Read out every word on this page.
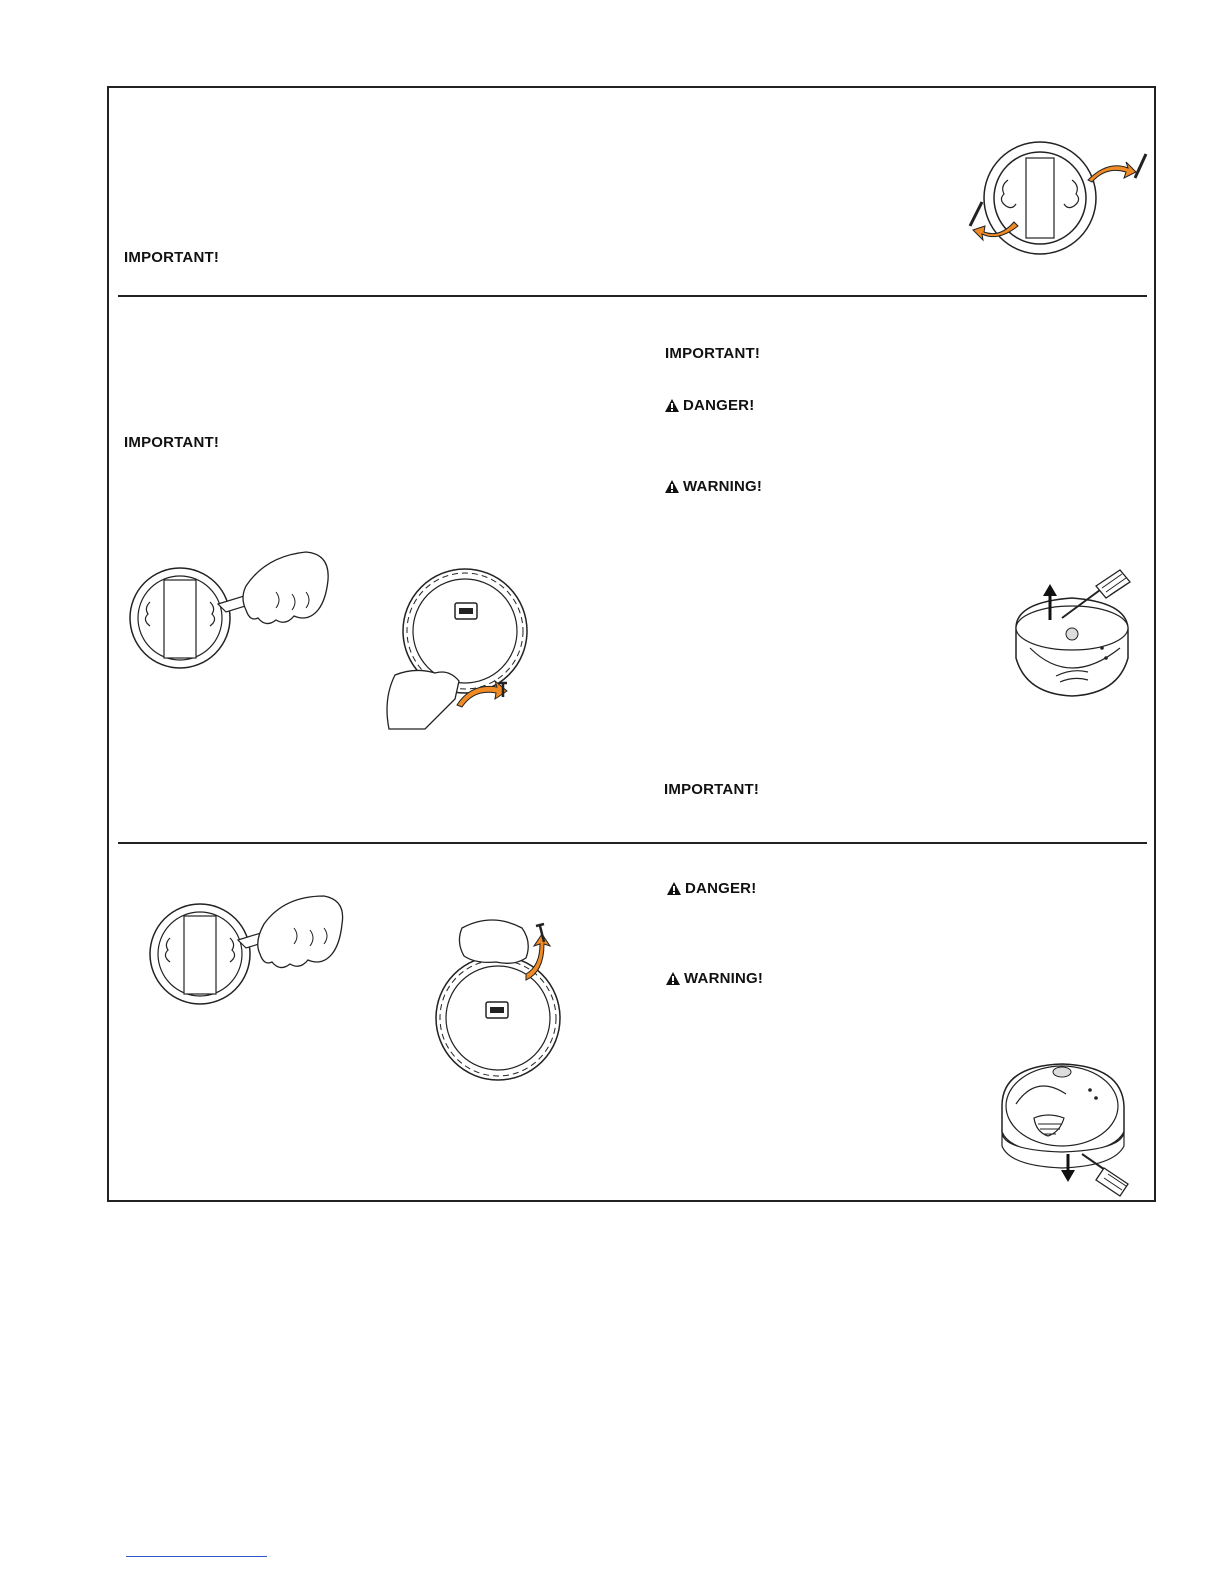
IMPORTANT!
IMPORTANT!
IMPORTANT!
DANGER!
WARNING!
IMPORTANT!
DANGER!
WARNING!
